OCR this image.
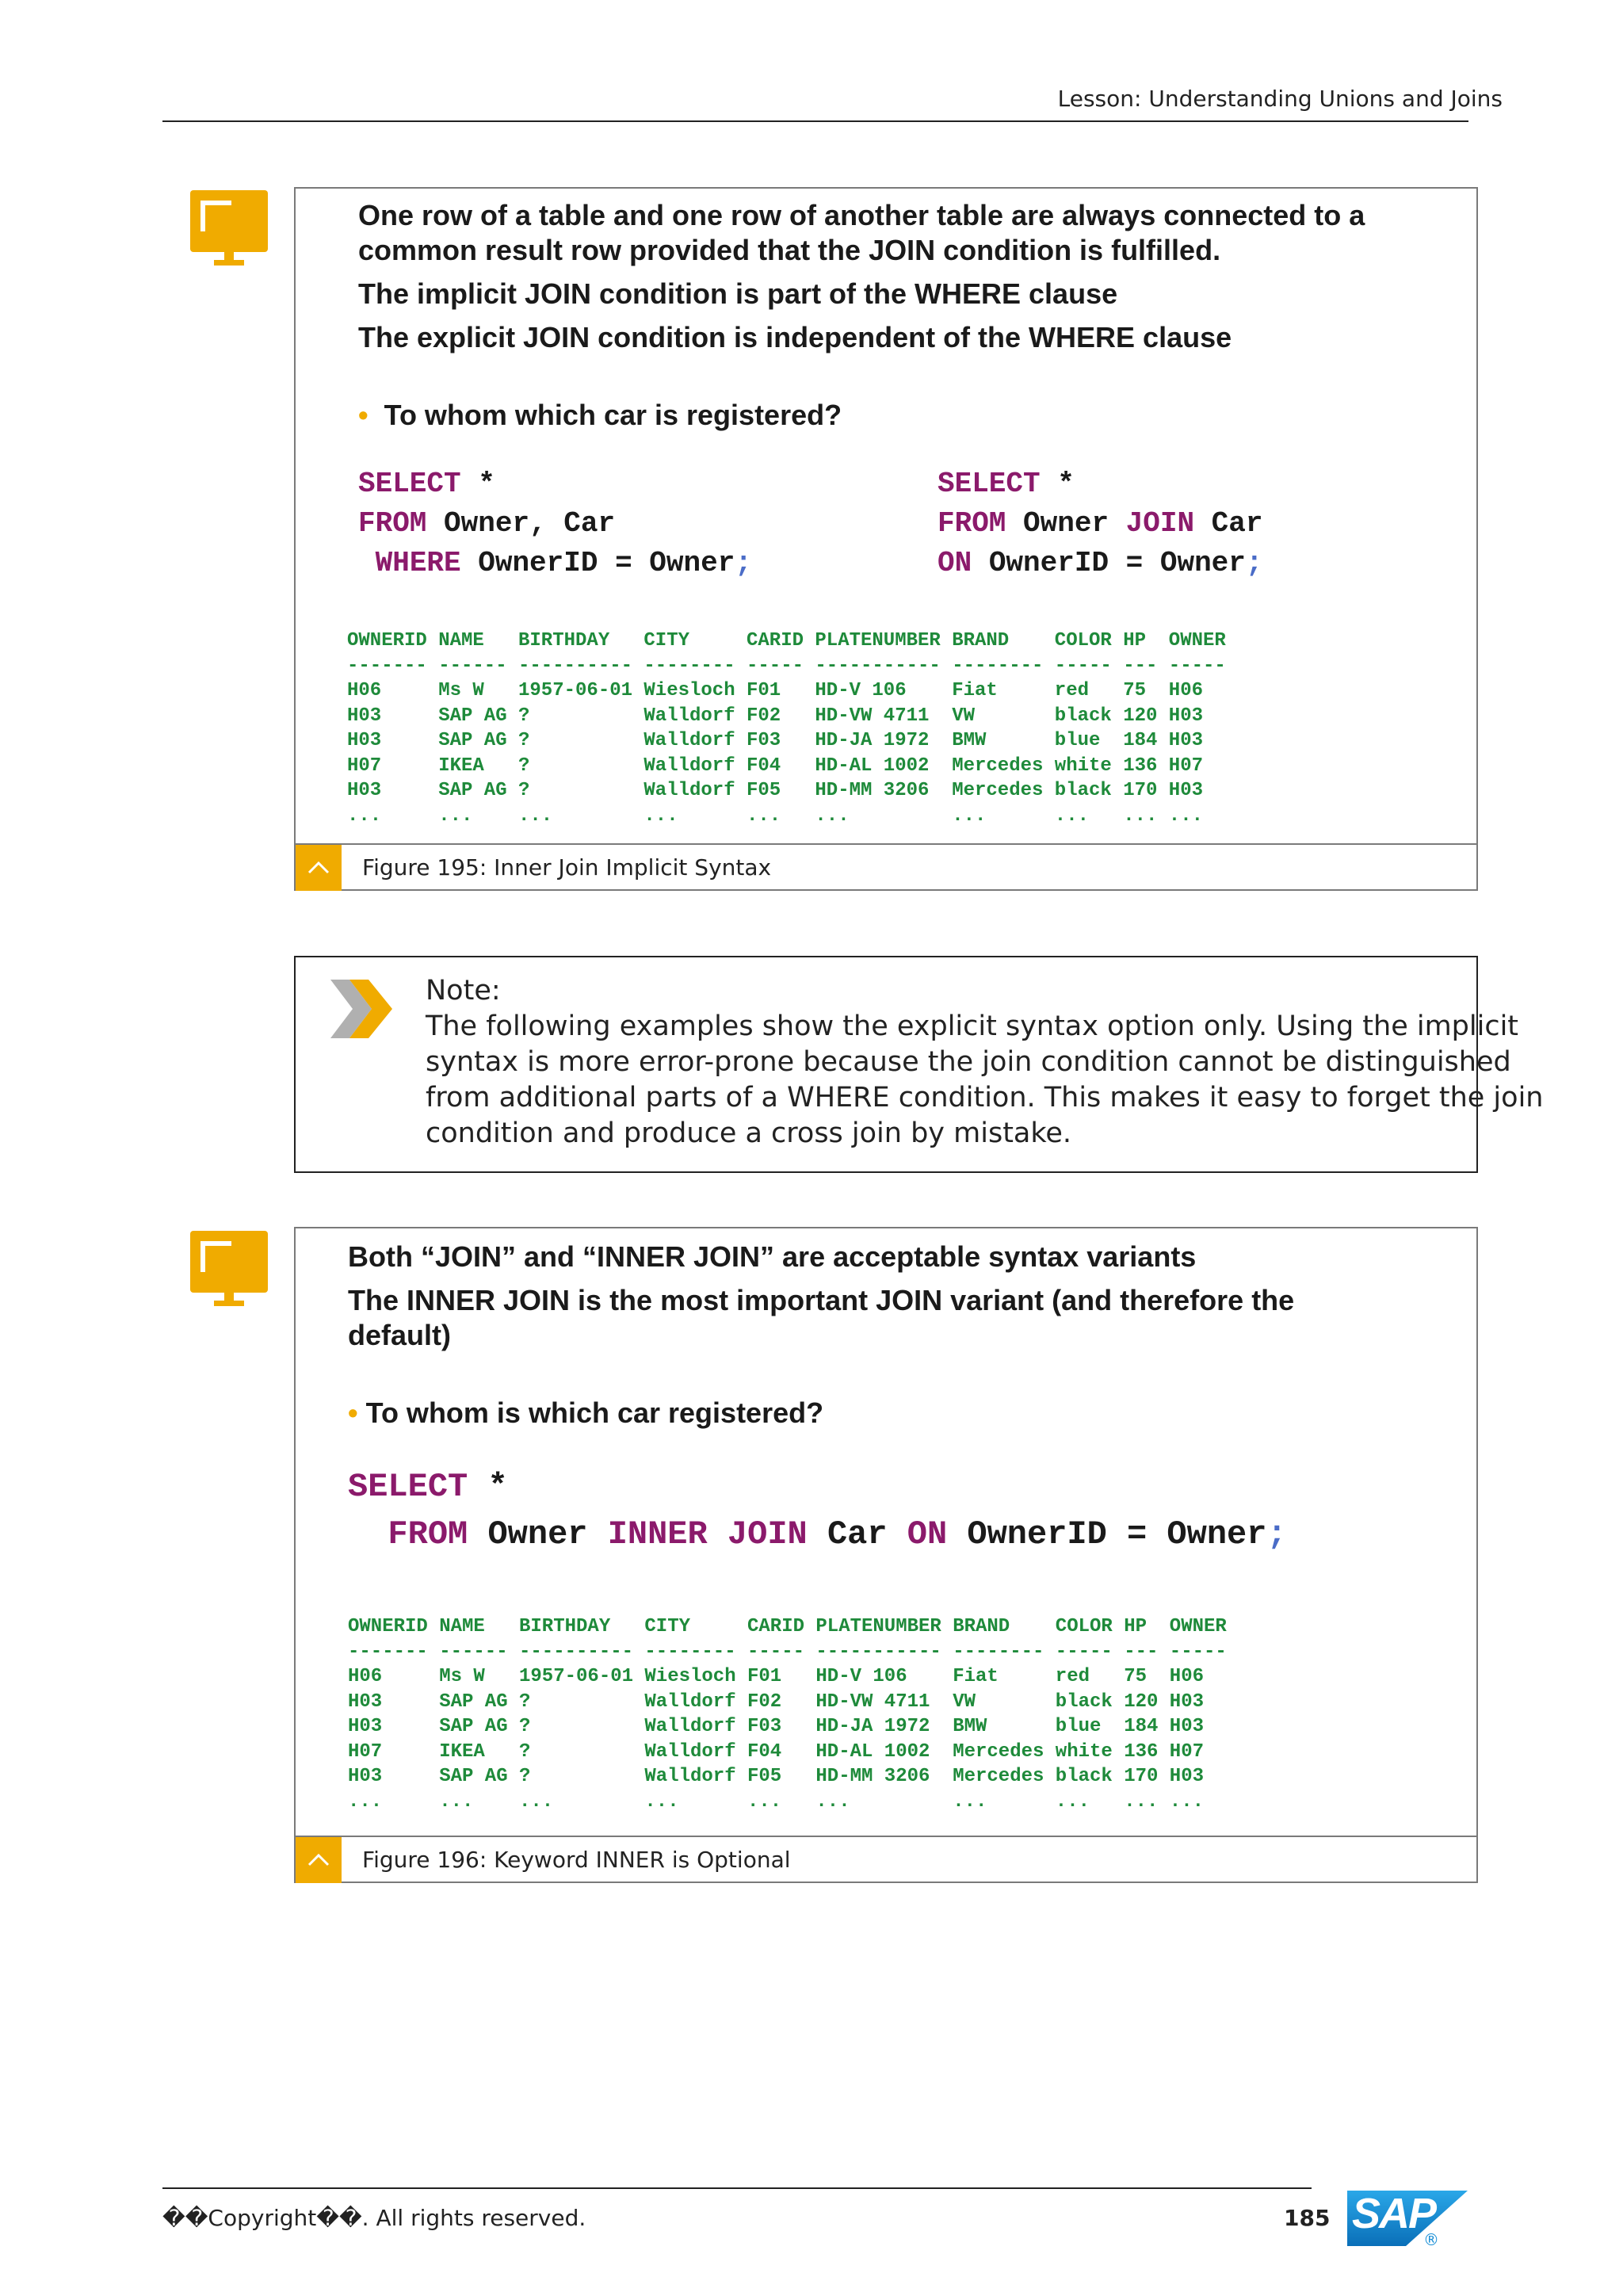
Lesson: Understanding Unions and Joins
One row of a table and one row of another table are always connected to a
common result row provided that the JOIN condition is fulfilled.
The implicit JOIN condition is part of the WHERE clause
The explicit JOIN condition is independent of the WHERE clause
• To whom which car is registered?
SELECT *
FROM Owner, Car
WHERE OwnerID = Owner;
SELECT *
FROM Owner JOIN Car
ON OwnerID = Owner;
OWNERID
-------
H06
H03
H03
H07
H03
...
NAME
------
Ms W
SAP AG
SAP AG
IKEA
SAP AG
...
BIRTHDAY
----------
1957-06-01
?
?
?
?
...
CITY
--------
Wiesloch
Walldorf
Walldorf
Walldorf
Walldorf
...
CARID
-----
F01
F02
F03
F04
F05
...
PLATENUMBER
-----------
HD-V 106
HD-VW 4711
HD-JA 1972
HD-AL 1002
HD-MM 3206
...
BRAND
--------
Fiat
VW
BMW
Mercedes
Mercedes
...
COLOR
-----
red
black
blue
white
black
...
HP
---
75
120
184
136
170
...
OWNER
-----
H06
H03
H03
H07
H03
...
Figure 195: Inner Join Implicit Syntax
Note:
The following examples show the explicit syntax option only. Using the implicit
syntax is more error-prone because the join condition cannot be distinguished
from additional parts of a WHERE condition. This makes it easy to forget the join
condition and produce a cross join by mistake.
Both “JOIN” and “INNER JOIN” are acceptable syntax variants
The INNER JOIN is the most important JOIN variant (and therefore the
default)
• To whom is which car registered?
SELECT *
FROM Owner INNER JOIN Car ON OwnerID = Owner;
OWNERID
-------
H06
H03
H03
H07
H03
...
NAME
------
Ms W
SAP AG
SAP AG
IKEA
SAP AG
...
BIRTHDAY
----------
1957-06-01
?
?
?
?
...
CITY
--------
Wiesloch
Walldorf
Walldorf
Walldorf
Walldorf
...
CARID
-----
F01
F02
F03
F04
F05
...
PLATENUMBER
-----------
HD-V 106
HD-VW 4711
HD-JA 1972
HD-AL 1002
HD-MM 3206
...
BRAND
--------
Fiat
VW
BMW
Mercedes
Mercedes
...
COLOR
-----
red
black
blue
white
black
...
HP
---
75
120
184
136
170
...
OWNER
-----
H06
H03
H03
H07
H03
...
Figure 196: Keyword INNER is Optional
��Copyright��. All rights reserved.	185 SAP
®
